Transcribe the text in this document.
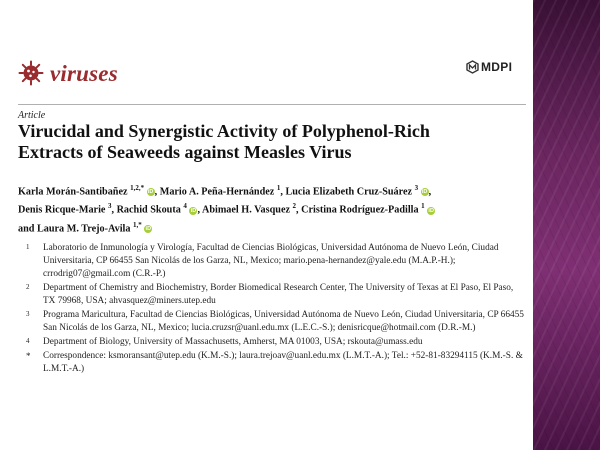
viruses	MDPI
Article
Virucidal and Synergistic Activity of Polyphenol-Rich
Extracts of Seaweeds against Measles Virus
Karla Morán-Santibañez $^{1,2,*}$ iD, Mario A. Peña-Hernández $^1$, Lucia Elizabeth Cruz-Suárez $^3$ iD,
Denis Ricque-Marie $^3$, Rachid Skouta $^4$ iD, Abimael H. Vasquez $^2$, Cristina Rodríguez-Padilla $^1$ iD
and Laura M. Trejo-Avila $^{1,*}$ iD
1 Laboratorio de Inmunología y Virología, Facultad de Ciencias Biológicas, Universidad Autónoma de Nuevo León, Ciudad Universitaria, CP 66455 San Nicolás de los Garza, NL, Mexico; mario.pena-hernandez@yale.edu (M.A.P.-H.); crrodrig07@gmail.com (C.R.-P.)
2 Department of Chemistry and Biochemistry, Border Biomedical Research Center, The University of Texas at El Paso, El Paso, TX 79968, USA; ahvasquez@miners.utep.edu
3 Programa Maricultura, Facultad de Ciencias Biológicas, Universidad Autónoma de Nuevo León, Ciudad Universitaria, CP 66455 San Nicolás de los Garza, NL, Mexico; lucia.cruzsr@uanl.edu.mx (L.E.C.-S.); denisricque@hotmail.com (D.R.-M.)
4 Department of Biology, University of Massachusetts, Amherst, MA 01003, USA; rskouta@umass.edu
* Correspondence: ksmoransant@utep.edu (K.M.-S.); laura.trejoav@uanl.edu.mx (L.M.T.-A.); Tel.: +52-81-83294115 (K.M.-S. & L.M.T.-A.)
